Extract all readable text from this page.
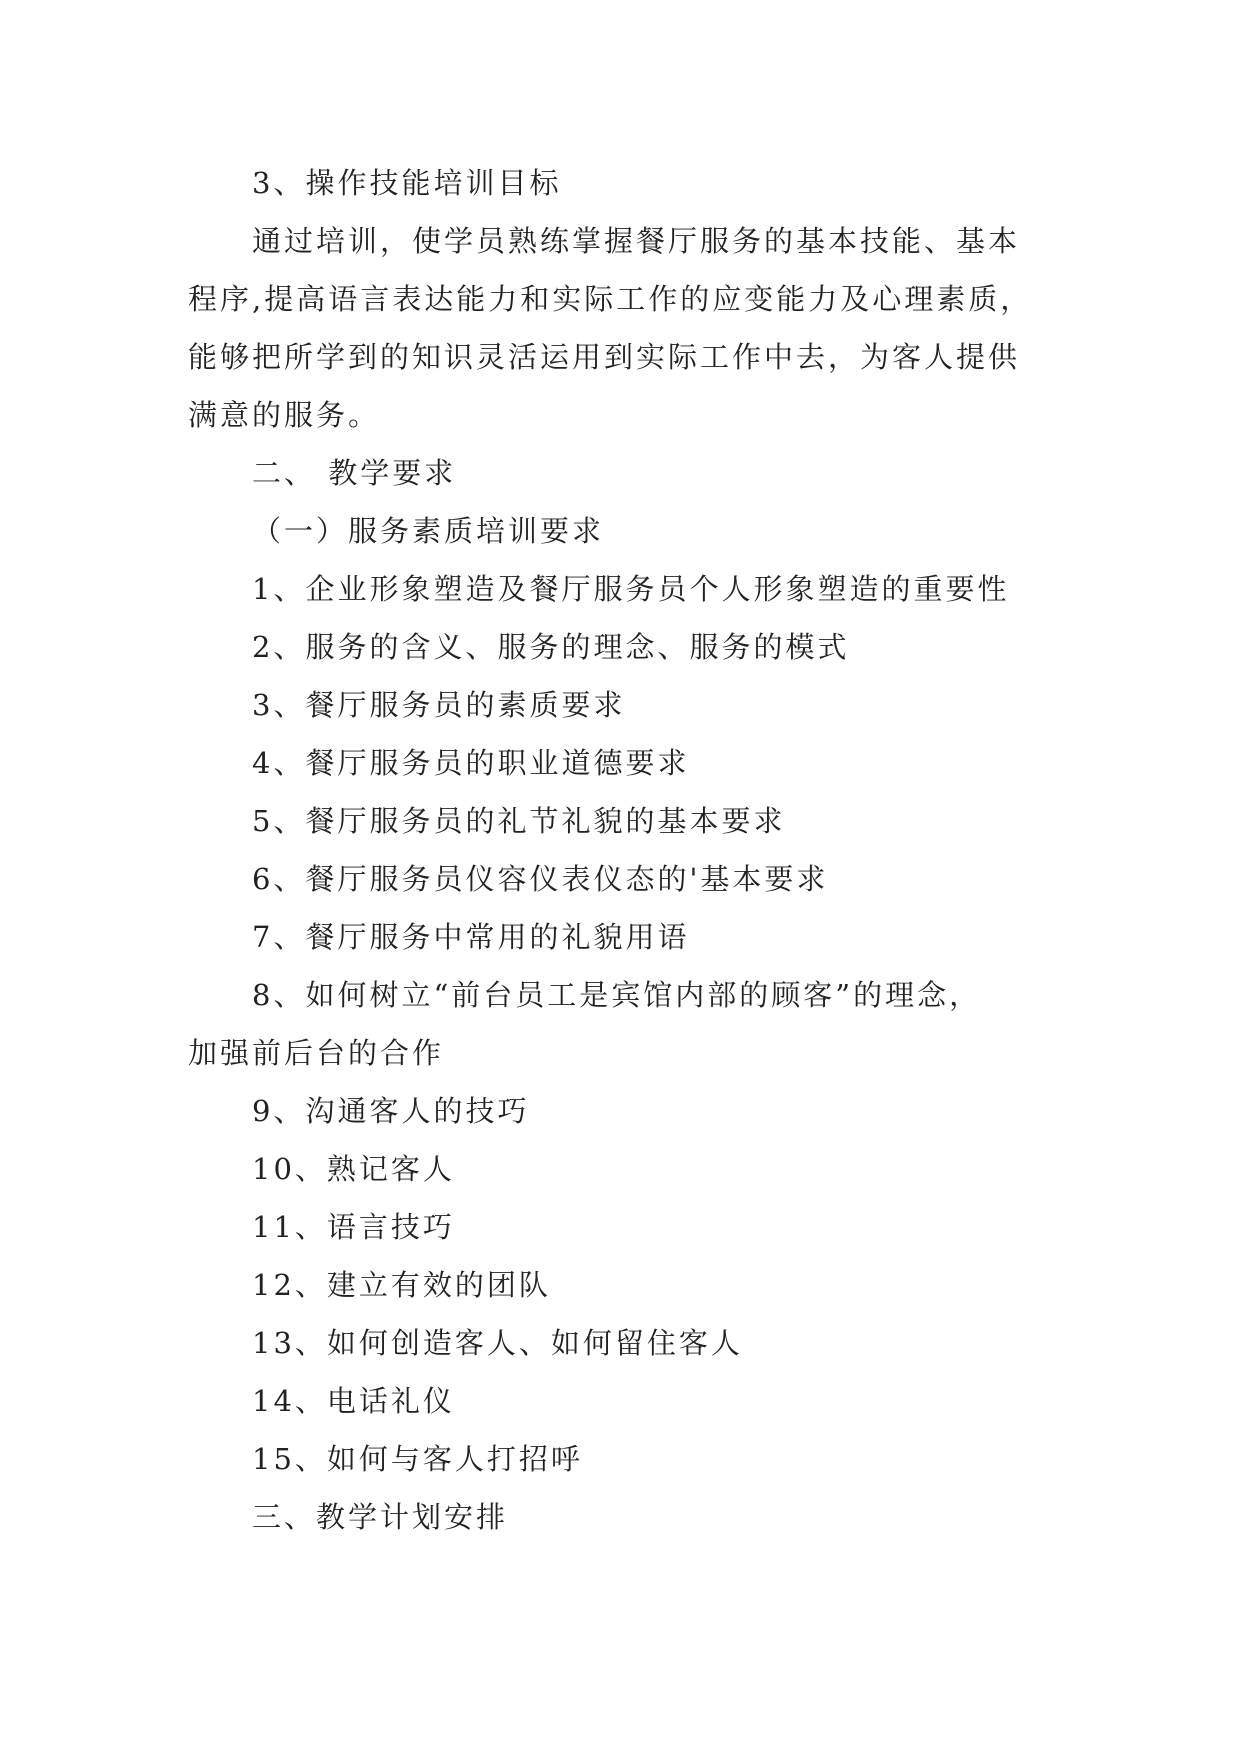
3、操作技能培训目标
通过培训，使学员熟练掌握餐厅服务的基本技能、基本
程序,提高语言表达能力和实际工作的应变能力及心理素质，
能够把所学到的知识灵活运用到实际工作中去，为客人提供
满意的服务。
二、 教学要求
（一）服务素质培训要求
1、企业形象塑造及餐厅服务员个人形象塑造的重要性
2、服务的含义、服务的理念、服务的模式
3、餐厅服务员的素质要求
4、餐厅服务员的职业道德要求
5、餐厅服务员的礼节礼貌的基本要求
6、餐厅服务员仪容仪表仪态的'基本要求
7、餐厅服务中常用的礼貌用语
8、如何树立“前台员工是宾馆内部的顾客”的理念，
加强前后台的合作
9、沟通客人的技巧
10、熟记客人
11、语言技巧
12、建立有效的团队
13、如何创造客人、如何留住客人
14、电话礼仪
15、如何与客人打招呼
三、教学计划安排
